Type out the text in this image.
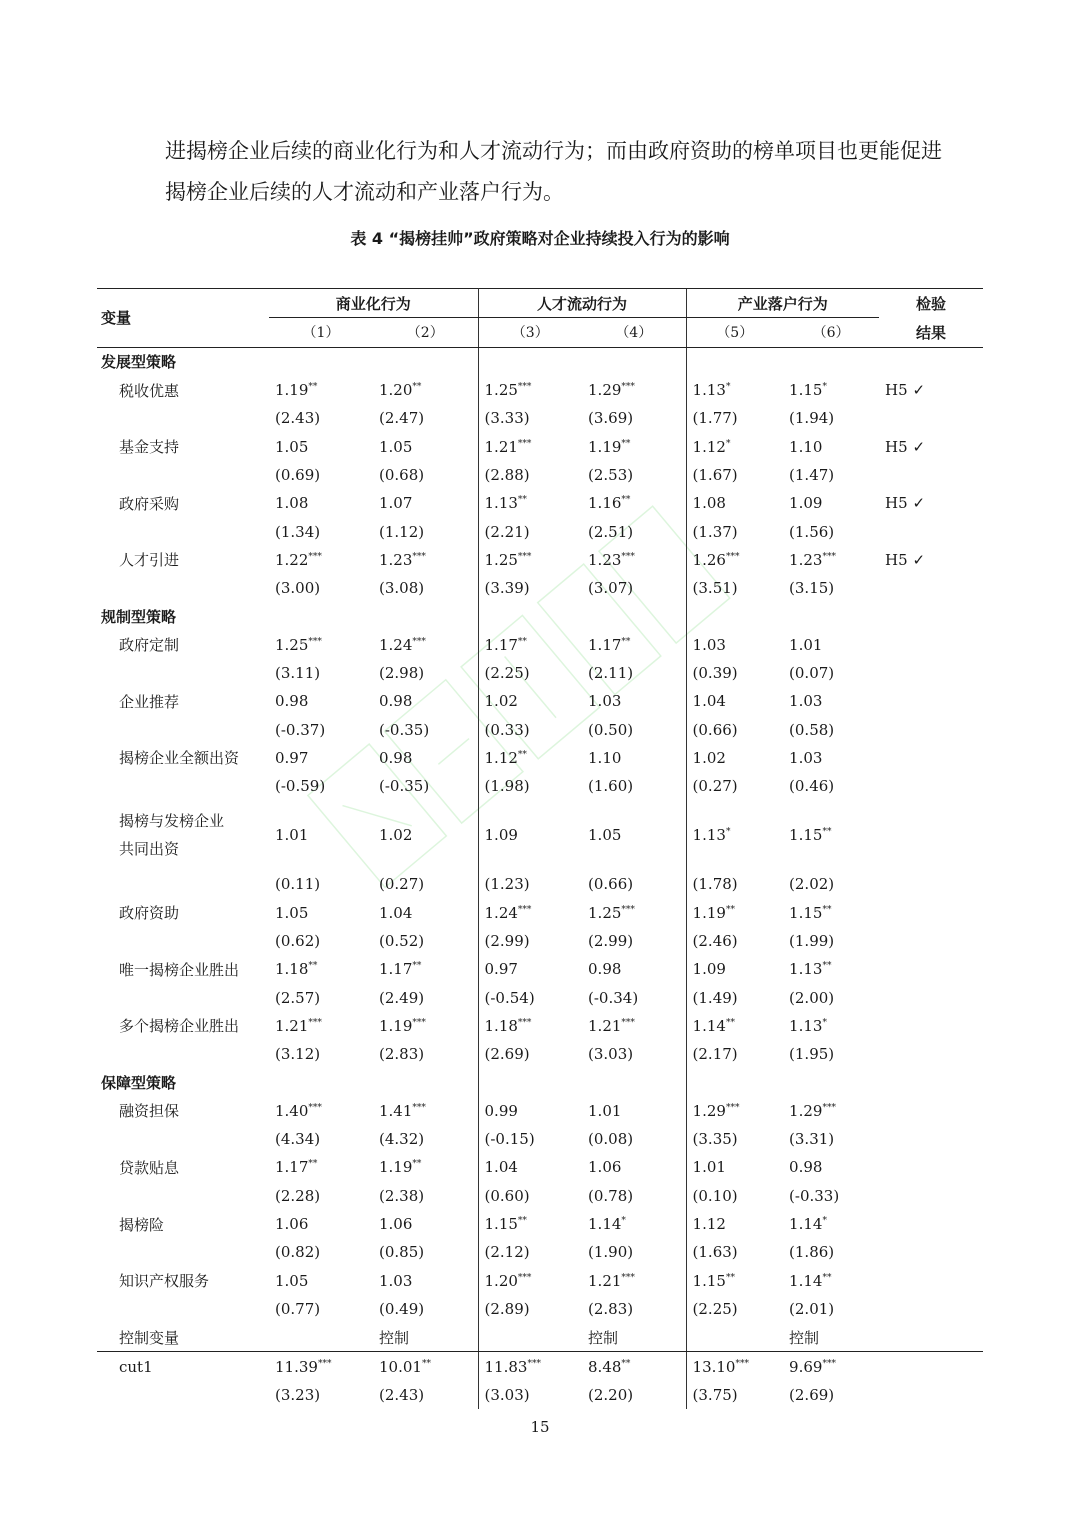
进揭榜企业后续的商业化行为和人才流动行为；而由政府资助的榜单项目也更能促进揭榜企业后续的人才流动和产业落户行为。

表 4 “揭榜挂帅”政府策略对企业持续投入行为的影响
变量	商业化行为		人才流动行为		产业落户行为		检验
	（1）	（2）	（3）	（4）	（5）	（6）	结果
发展型策略							
税收优惠	1.19**	1.20**	1.25***	1.29***	1.13*	1.15*	H5 ✓
	(2.43)	(2.47)	(3.33)	(3.69)	(1.77)	(1.94)	
基金支持	1.05	1.05	1.21***	1.19**	1.12*	1.10	H5 ✓
	(0.69)	(0.68)	(2.88)	(2.53)	(1.67)	(1.47)	
政府采购	1.08	1.07	1.13**	1.16**	1.08	1.09	H5 ✓
	(1.34)	(1.12)	(2.21)	(2.51)	(1.37)	(1.56)	
人才引进	1.22***	1.23***	1.25***	1.23***	1.26***	1.23***	H5 ✓
	(3.00)	(3.08)	(3.39)	(3.07)	(3.51)	(3.15)	
规制型策略							
政府定制	1.25***	1.24***	1.17**	1.17**	1.03	1.01	
	(3.11)	(2.98)	(2.25)	(2.11)	(0.39)	(0.07)	
企业推荐	0.98	0.98	1.02	1.03	1.04	1.03	
	(-0.37)	(-0.35)	(0.33)	(0.50)	(0.66)	(0.58)	
揭榜企业全额出资	0.97	0.98	1.12**	1.10	1.02	1.03	
	(-0.59)	(-0.35)	(1.98)	(1.60)	(0.27)	(0.46)	

揭榜与发榜企业
共同出资	1.01	1.02	1.09	1.05	1.13*	1.15**	
	(0.11)	(0.27)	(1.23)	(0.66)	(1.78)	(2.02)	
政府资助	1.05	1.04	1.24***	1.25***	1.19**	1.15**	
	(0.62)	(0.52)	(2.99)	(2.99)	(2.46)	(1.99)	
唯一揭榜企业胜出	1.18**	1.17**	0.97	0.98	1.09	1.13**	
	(2.57)	(2.49)	(-0.54)	(-0.34)	(1.49)	(2.00)	
多个揭榜企业胜出	1.21***	1.19***	1.18***	1.21***	1.14**	1.13*	
	(3.12)	(2.83)	(2.69)	(3.03)	(2.17)	(1.95)	
保障型策略							
融资担保	1.40***	1.41***	0.99	1.01	1.29***	1.29***	
	(4.34)	(4.32)	(-0.15)	(0.08)	(3.35)	(3.31)	
贷款贴息	1.17**	1.19**	1.04	1.06	1.01	0.98	
	(2.28)	(2.38)	(0.60)	(0.78)	(0.10)	(-0.33)	
揭榜险	1.06	1.06	1.15**	1.14*	1.12	1.14*	
	(0.82)	(0.85)	(2.12)	(1.90)	(1.63)	(1.86)	
知识产权服务	1.05	1.03	1.20***	1.21***	1.15**	1.14**	
	(0.77)	(0.49)	(2.89)	(2.83)	(2.25)	(2.01)	
控制变量		控制		控制		控制	
cut1	11.39***	10.01**	11.83***	8.48**	13.10***	9.69***	
	(3.23)	(2.43)	(3.03)	(2.20)	(3.75)	(2.69)	
15
